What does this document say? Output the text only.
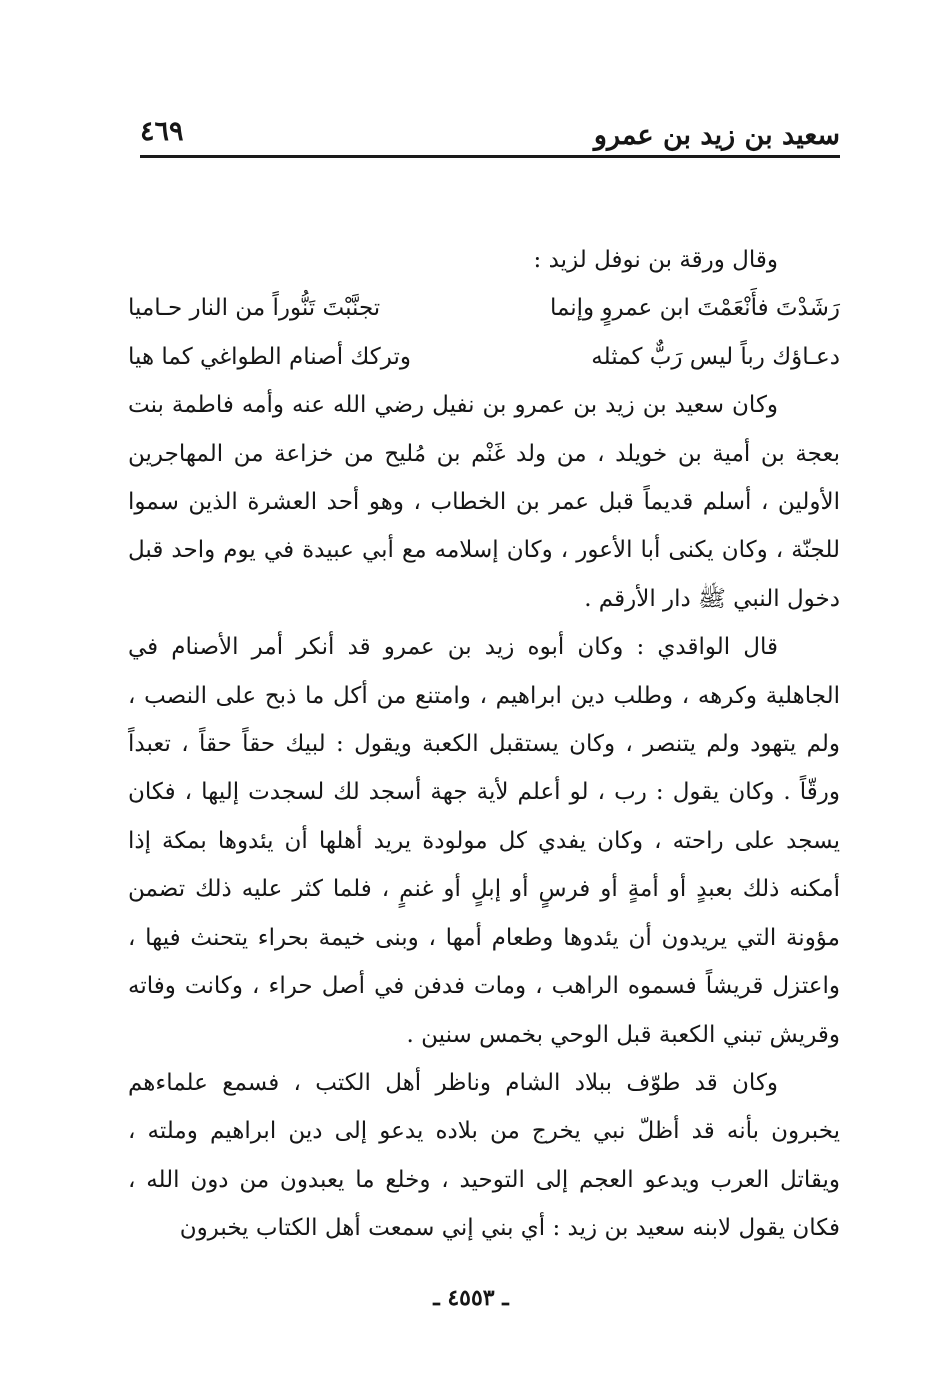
سعيد بن زيد بن عمرو
٤٦٩

وقال ورقة بن نوفل لزيد :

رَشَدْتَ فأَنْعَمْتَ ابن عمروٍ وإنما
تجنَّبْتَ تَنُّوراً من النار حـاميا
دعـاؤك رباً ليس رَبٌّ كمثله
وتركك أصنام الطواغي كما هيا

وكان سعيد بن زيد بن عمرو بن نفيل رضي الله عنه وأمه فاطمة بنت بعجة بن أمية بن خويلد ، من ولد غَنْم بن مُليح من خزاعة من المهاجرين الأولين ، أسلم قديماً قبل عمر بن الخطاب ، وهو أحد العشرة الذين سموا للجنّة ، وكان يكنى أبا الأعور ، وكان إسلامه مع أبي عبيدة في يوم واحد قبل دخول النبي ﷺ دار الأرقم .

قال الواقدي : وكان أبوه زيد بن عمرو قد أنكر أمر الأصنام في الجاهلية وكرهه ، وطلب دين ابراهيم ، وامتنع من أكل ما ذبح على النصب ، ولم يتهود ولم يتنصر ، وكان يستقبل الكعبة ويقول : لبيك حقاً حقاً ، تعبداً ورقّاً . وكان يقول : رب ، لو أعلم لأية جهة أسجد لك لسجدت إليها ، فكان يسجد على راحته ، وكان يفدي كل مولودة يريد أهلها أن يئدوها بمكة إذا أمكنه ذلك بعبدٍ أو أمةٍ أو فرسٍ أو إبلٍ أو غنمٍ ، فلما كثر عليه ذلك تضمن مؤونة التي يريدون أن يئدوها وطعام أمها ، وبنى خيمة بحراء يتحنث فيها ، واعتزل قريشاً فسموه الراهب ، ومات فدفن في أصل حراء ، وكانت وفاته وقريش تبني الكعبة قبل الوحي بخمس سنين .

وكان قد طوّف ببلاد الشام وناظر أهل الكتب ، فسمع علماءهم يخبرون بأنه قد أظلّ نبي يخرج من بلاده يدعو إلى دين ابراهيم وملته ، ويقاتل العرب ويدعو العجم إلى التوحيد ، وخلع ما يعبدون من دون الله ، فكان يقول لابنه سعيد بن زيد : أي بني إني سمعت أهل الكتاب يخبرون

ـ ٤٥٥٣ ـ
